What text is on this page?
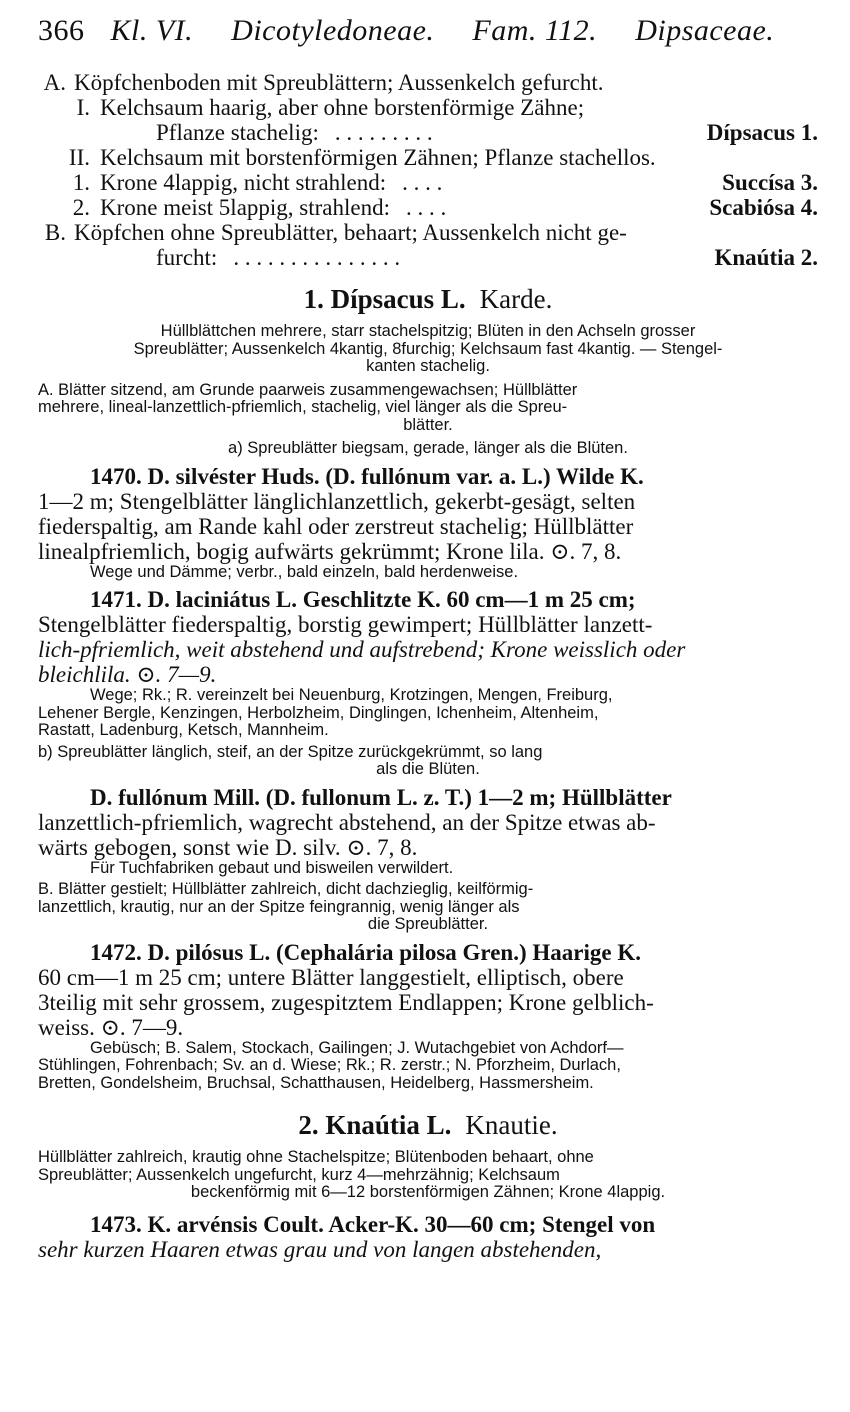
366 Kl. VI. Dicotyledoneae. Fam. 112. Dipsaceae.
A. Köpfchenboden mit Spreublättern; Aussenkelch gefurcht.
I. Kelchsaum haarig, aber ohne borstenförmige Zähne;
Pflanze stachelig: . . . . . . . . .	Dípsacus 1.
II. Kelchsaum mit borstenförmigen Zähnen; Pflanze stachellos.
1. Krone 4lappig, nicht strahlend: . . . .	Succísa 3.
2. Krone meist 5lappig, strahlend: . . . .	Scabiósa 4.
B. Köpfchen ohne Spreublätter, behaart; Aussenkelch nicht ge-
furcht: . . . . . . . . . . . . . . .	Knaútia 2.
1. Dípsacus L. Karde.
Hüllblättchen mehrere, starr stachelspitzig; Blüten in den Achseln grosser
Spreublätter; Aussenkelch 4kantig, 8furchig; Kelchsaum fast 4kantig. — Stengel-
kanten stachelig.
A. Blätter sitzend, am Grunde paarweis zusammengewachsen; Hüllblätter
mehrere, lineal-lanzettlich-pfriemlich, stachelig, viel länger als die Spreu-
blätter.
a) Spreublätter biegsam, gerade, länger als die Blüten.
1470. D. silvéster Huds. (D. fullónum var. a. L.) Wilde K.
1—2 m; Stengelblätter länglichlanzettlich, gekerbt-gesägt, selten
fiederspaltig, am Rande kahl oder zerstreut stachelig; Hüllblätter
linealpfriemlich, bogig aufwärts gekrümmt; Krone lila. ⊙. 7, 8.
Wege und Dämme; verbr., bald einzeln, bald herdenweise.
1471. D. laciniátus L. Geschlitzte K. 60 cm—1 m 25 cm;
Stengelblätter fiederspaltig, borstig gewimpert; Hüllblätter lanzett-
lich-pfriemlich, weit abstehend und aufstrebend; Krone weisslich oder
bleichlila. ⊙. 7—9.
Wege; Rk.; R. vereinzelt bei Neuenburg, Krotzingen, Mengen, Freiburg,
Lehener Bergle, Kenzingen, Herbolzheim, Dinglingen, Ichenheim, Altenheim,
Rastatt, Ladenburg, Ketsch, Mannheim.
b) Spreublätter länglich, steif, an der Spitze zurückgekrümmt, so lang
als die Blüten.
D. fullónum Mill. (D. fullonum L. z. T.) 1—2 m; Hüllblätter
lanzettlich-pfriemlich, wagrecht abstehend, an der Spitze etwas ab-
wärts gebogen, sonst wie D. silv. ⊙. 7, 8.
Für Tuchfabriken gebaut und bisweilen verwildert.
B. Blätter gestielt; Hüllblätter zahlreich, dicht dachzieglig, keilförmig-
lanzettlich, krautig, nur an der Spitze feingrannig, wenig länger als
die Spreublätter.
1472. D. pilósus L. (Cephalária pilosa Gren.) Haarige K.
60 cm—1 m 25 cm; untere Blätter langgestielt, elliptisch, obere
3teilig mit sehr grossem, zugespitztem Endlappen; Krone gelblich-
weiss. ⊙. 7—9.
Gebüsch; B. Salem, Stockach, Gailingen; J. Wutachgebiet von Achdorf—
Stühlingen, Fohrenbach; Sv. an d. Wiese; Rk.; R. zerstr.; N. Pforzheim, Durlach,
Bretten, Gondelsheim, Bruchsal, Schatthausen, Heidelberg, Hassmersheim.
2. Knaútia L. Knautie.
Hüllblätter zahlreich, krautig ohne Stachelspitze; Blütenboden behaart, ohne
Spreublätter; Aussenkelch ungefurcht, kurz 4—mehrzähnig; Kelchsaum
beckenförmig mit 6—12 borstenförmigen Zähnen; Krone 4lappig.
1473. K. arvénsis Coult. Acker-K. 30—60 cm; Stengel von
sehr kurzen Haaren etwas grau und von langen abstehenden,
